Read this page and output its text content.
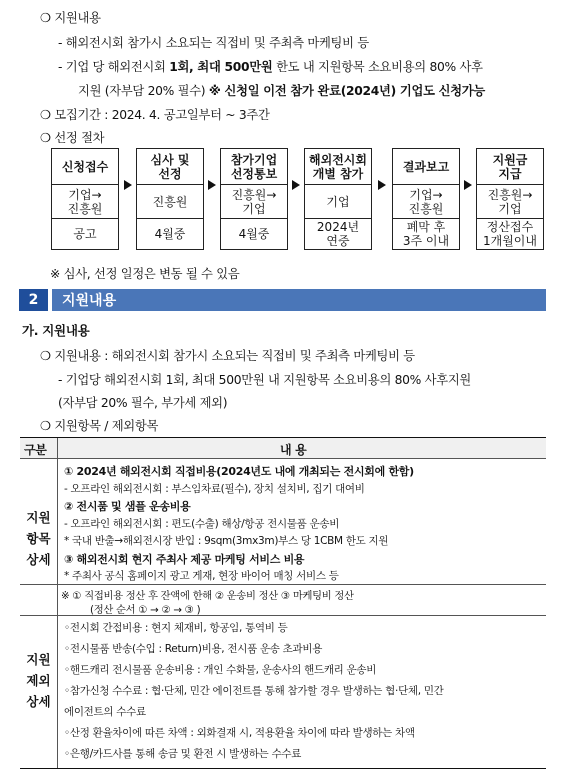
❍ 지원내용
- 해외전시회 참가시 소요되는 직접비 및 주최측 마케팅비 등
- 기업 당 해외전시회 1회, 최대 500만원 한도 내 지원항목 소요비용의 80% 사후
지원 (자부담 20% 필수) ※ 신청일 이전 참가 완료(2024년) 기업도 신청가능
❍ 모집기간 : 2024. 4. 공고일부터 ~ 3주간
❍ 선정 절차
신청접수
기업→
진흥원
공고
심사 및
선정
진흥원
4월중
참가기업
선정통보
진흥원→
기업
4월중
해외전시회
개별 참가
기업
2024년
연중
결과보고
기업→
진흥원
폐막 후
3주 이내
지원금
지급
진흥원→
기업
정산접수
1개월이내
※ 심사, 선정 일정은 변동 될 수 있음
2	지원내용
가. 지원내용
❍ 지원내용 : 해외전시회 참가시 소요되는 직접비 및 주최측 마케팅비 등
- 기업당 해외전시회 1회, 최대 500만원 내 지원항목 소요비용의 80% 사후지원
(자부담 20% 필수, 부가세 제외)
❍ 지원항목 / 제외항목
구분	내 용
지원
항목
상세
① 2024년 해외전시회 직접비용(2024년도 내에 개최되는 전시회에 한함)
- 오프라인 해외전시회 : 부스임차료(필수), 장치 설치비, 집기 대여비
② 전시품 및 샘플 운송비용
- 오프라인 해외전시회 : 편도(수출) 해상/항공 전시물품 운송비
* 국내 반출→해외전시장 반입 : 9sqm(3mx3m)부스 당 1CBM 한도 지원
③ 해외전시회 현지 주최사 제공 마케팅 서비스 비용
* 주최사 공식 홈페이지 광고 게재, 현장 바이어 매칭 서비스 등
※ ① 직접비용 정산 후 잔액에 한해 ② 운송비 정산 ③ 마케팅비 정산
(정산 순서 ① → ② → ③ )
지원
제외
상세
◦전시회 간접비용 : 현지 체재비, 항공임, 통역비 등
◦전시물품 반송(수입 : Return)비용, 전시품 운송 초과비용
◦핸드캐리 전시물품 운송비용 : 개인 수화물, 운송사의 핸드캐리 운송비
◦참가신청 수수료 : 협·단체, 민간 에이전트를 통해 참가할 경우 발생하는 협·단체, 민간
에이전트의 수수료
◦산정 환율차이에 따른 차액 : 외화결재 시, 적용환율 차이에 따라 발생하는 차액
◦은행/카드사를 통해 송금 및 환전 시 발생하는 수수료
